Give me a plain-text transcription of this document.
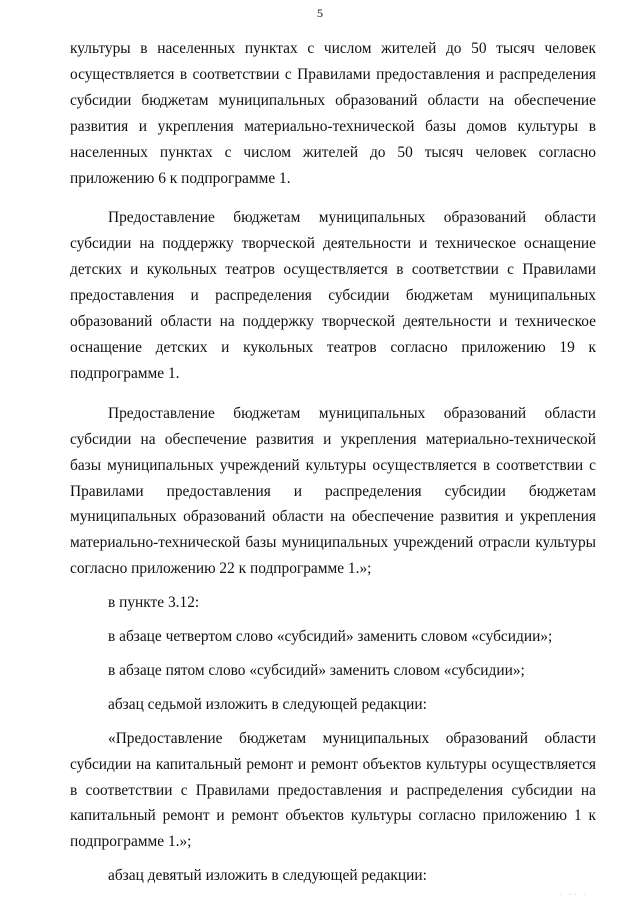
5

культуры в населенных пунктах с числом жителей до 50 тысяч человек осуществляется в соответствии с Правилами предоставления и распределения субсидии бюджетам муниципальных образований области на обеспечение развития и укрепления материально-технической базы домов культуры в населенных пунктах с числом жителей до 50 тысяч человек согласно приложению 6 к подпрограмме 1.

Предоставление бюджетам муниципальных образований области субсидии на поддержку творческой деятельности и техническое оснащение детских и кукольных театров осуществляется в соответствии с Правилами предоставления и распределения субсидии бюджетам муниципальных образований области на поддержку творческой деятельности и техническое оснащение детских и кукольных театров согласно приложению 19 к подпрограмме 1.

Предоставление бюджетам муниципальных образований области субсидии на обеспечение развития и укрепления материально-технической базы муниципальных учреждений культуры осуществляется в соответствии с Правилами предоставления и распределения субсидии бюджетам муниципальных образований области на обеспечение развития и укрепления материально-технической базы муниципальных учреждений отрасли культуры согласно приложению 22 к подпрограмме 1.»;

в пункте 3.12:

в абзаце четвертом слово «субсидий» заменить словом «субсидии»;

в абзаце пятом слово «субсидий» заменить словом «субсидии»;

абзац седьмой изложить в следующей редакции:

«Предоставление бюджетам муниципальных образований области субсидии на капитальный ремонт и ремонт объектов культуры осуществляется в соответствии с Правилами предоставления и распределения субсидии на капитальный ремонт и ремонт объектов культуры согласно приложению 1 к подпрограмме 1.»;

абзац девятый изложить в следующей редакции:

· ·· ·
